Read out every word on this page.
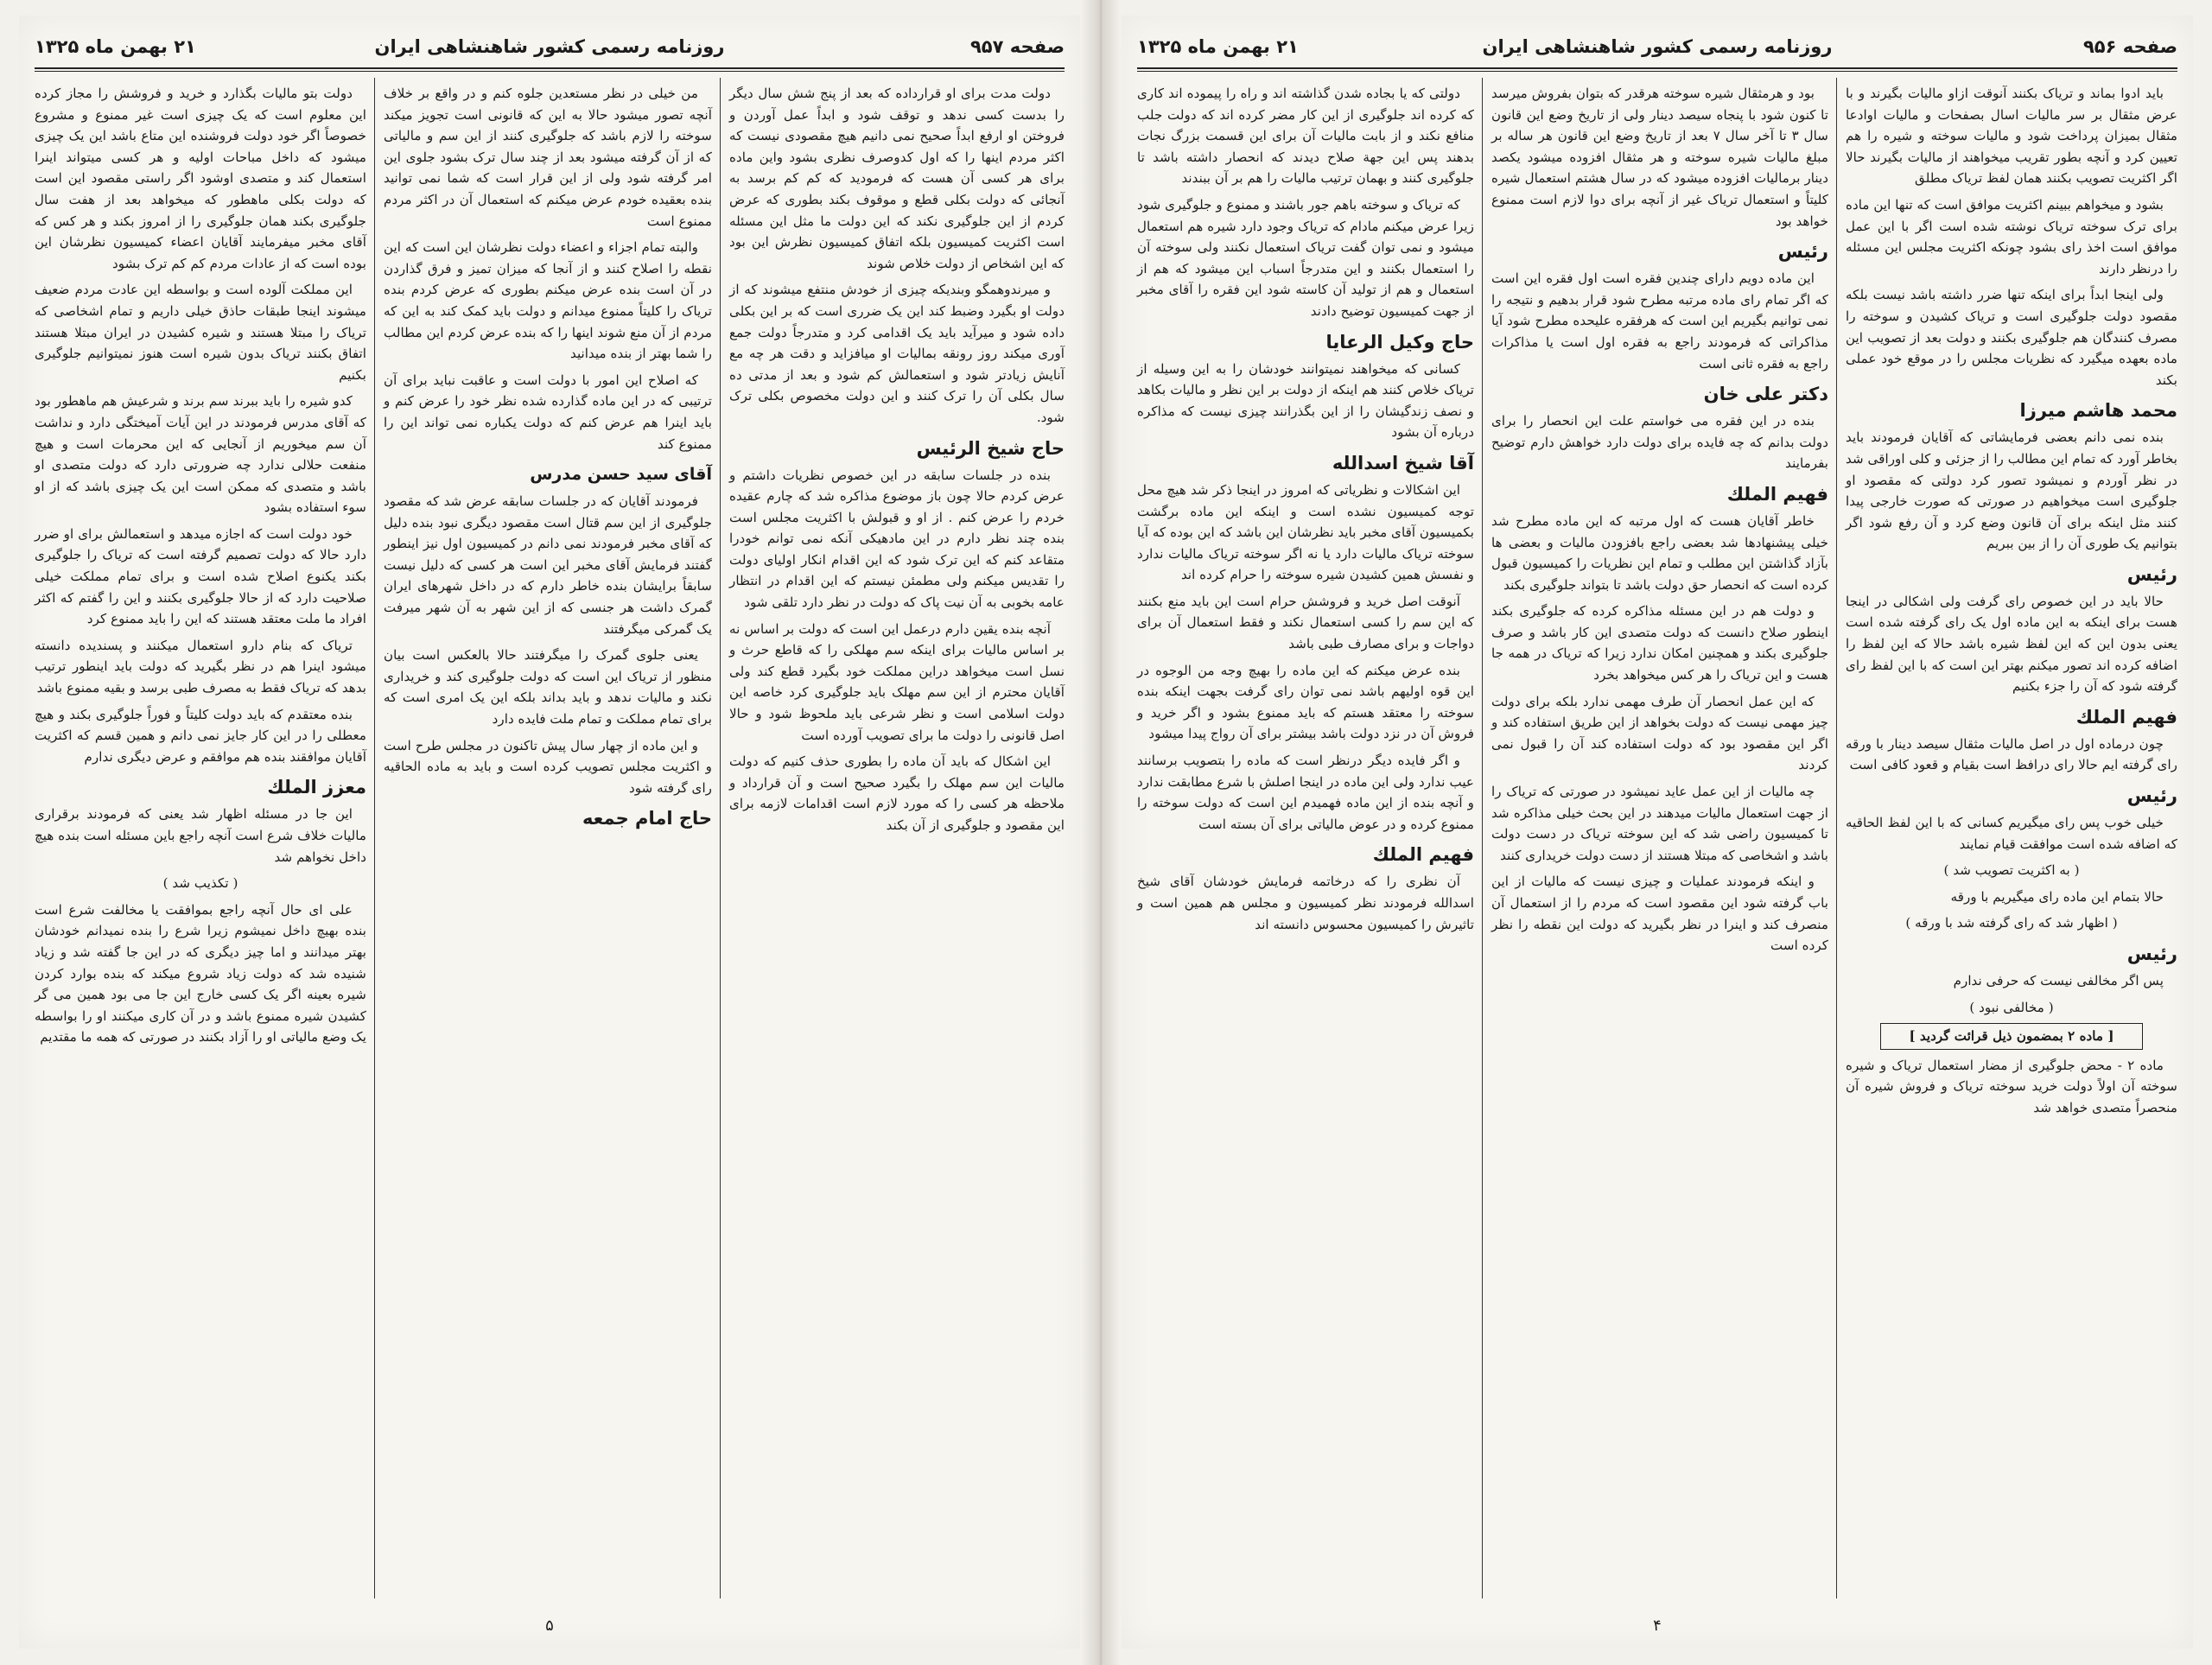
صفحه ۹۵۷
روزنامه رسمی کشور شاهنشاهی ایران
۲۱ بهمن ماه ۱۳۲۵

دولت مدت برای او قرارداده که بعد از پنج شش سال دیگر را بدست کسی ندهد و توقف شود و ابداً عمل آوردن و فروختن او ارفع ابداً صحیح نمی دانیم هیچ مقصودی نیست که اکثر مردم اینها را که اول کدوصرف نظری بشود واین ماده برای هر کسی آن هست که فرمودید که کم کم برسد به آنجائی که دولت بکلی قطع و موقوف بکند بطوری که عرض کردم از این جلوگیری نکند که این دولت ما مثل این مسئله است اکثریت کمیسیون بلکه اتفاق کمیسیون نظرش این بود که این اشخاص از دولت خلاص شوند

و میرندوهمگو وبندیکه چیزی از خودش منتفع میشوند که از دولت او بگیرد وضبط کند این یک ضرری است که بر این بکلی داده شود و میرآید باید یک اقدامی کرد و متدرجاً دولت جمع آوری میکند روز رونقه بمالیات او میافزاید و دقت هر چه مع آنایش زیادتر شود و استعمالش کم شود و بعد از مدتی ده سال بکلی آن را ترک کنند و این دولت مخصوص بکلی ترک شود.

حاج شیخ الرئیس

بنده در جلسات سابقه در این خصوص نظریات داشتم و عرض کردم حالا چون باز موضوع مذاکره شد که چارم عقیده خردم را عرض کنم . از او و قبولش با اکثریت مجلس است بنده چند نظر دارم در این مادهیکی آنکه نمی توانم خودرا متقاعد کنم که این ترک شود که این اقدام انکار اولیای دولت را تقدیس میکنم ولی مطمئن نیستم که این اقدام در انتظار عامه بخوبی به آن نیت پاک که دولت در نظر دارد تلقی شود

آنچه بنده یقین دارم درعمل این است که دولت بر اساس نه بر اساس مالیات برای اینکه سم مهلکی را که قاطع حرث و نسل است میخواهد دراین مملکت خود بگیرد قطع کند ولی آقایان محترم از این سم مهلک باید جلوگیری کرد خاصه این دولت اسلامی است و نظر شرعی باید ملحوظ شود و حالا اصل قانونی را دولت ما برای تصویب آورده است

این اشکال که باید آن ماده را بطوری حذف کنیم که دولت مالیات این سم مهلک را بگیرد صحیح است و آن قرارداد و ملاحظه هر کسی را که مورد لازم است اقدامات لازمه برای این مقصود و جلوگیری از آن بکند

من خیلی در نظر مستعدین جلوه کنم و در واقع بر خلاف آنچه تصور میشود حالا به این که قانونی است تجویز میکند سوخته را لازم باشد که جلوگیری کنند از این سم و مالیاتی که از آن گرفته میشود بعد از چند سال ترک بشود جلوی این امر گرفته شود ولی از این قرار است که شما نمی توانید بنده بعقیده خودم عرض میکنم که استعمال آن در اکثر مردم ممنوع است

والبته تمام اجزاء و اعضاء دولت نظرشان این است که این نقطه را اصلاح کنند و از آنجا که میزان تمیز و فرق گذاردن در آن است بنده عرض میکنم بطوری که عرض کردم بنده تریاک را کلیتاً ممنوع میدانم و دولت باید کمک کند به این که مردم از آن منع شوند اینها را که بنده عرض کردم این مطالب را شما بهتر از بنده میدانید

که اصلاح این امور با دولت است و عاقبت نباید برای آن ترتیبی که در این ماده گذارده شده نظر خود را عرض کنم و باید اینرا هم عرض کنم که دولت یکباره نمی تواند این را ممنوع کند

آقای سید حسن مدرس

فرمودند آقایان که در جلسات سابقه عرض شد که مقصود جلوگیری از این سم قتال است مقصود دیگری نبود بنده دلیل که آقای مخبر فرمودند نمی دانم در کمیسیون اول نیز اینطور گفتند فرمایش آقای مخبر این است هر کسی که دلیل نیست سابقاً برایشان بنده خاطر دارم که در داخل شهرهای ایران گمرک داشت هر جنسی که از این شهر به آن شهر میرفت یک گمرکی میگرفتند

یعنی جلوی گمرک را میگرفتند حالا بالعکس است بیان منظور از تریاک این است که دولت جلوگیری کند و خریداری نکند و مالیات ندهد و باید بداند بلکه این یک امری است که برای تمام مملکت و تمام ملت فایده دارد

و این ماده از چهار سال پیش تاکنون در مجلس طرح است و اکثریت مجلس تصویب کرده است و باید به ماده الحاقیه رای گرفته شود

حاج امام جمعه

دولت بتو مالیات بگذارد و خرید و فروشش را مجاز کرده این معلوم است که یک چیزی است غیر ممنوع و مشروع خصوصاً اگر خود دولت فروشنده این متاع باشد این یک چیزی میشود که داخل مباحات اولیه و هر کسی میتواند اینرا استعمال کند و متصدی اوشود اگر راستی مقصود این است که دولت بکلی ماهطور که میخواهد بعد از هفت سال جلوگیری بکند همان جلوگیری را از امروز بکند و هر کس که آقای مخبر میفرمایند آقایان اعضاء کمیسیون نظرشان این بوده است که از عادات مردم کم کم ترک بشود

این مملکت آلوده است و بواسطه این عادت مردم ضعیف میشوند اینجا طبقات حاذق خیلی داریم و تمام اشخاصی که تریاک را مبتلا هستند و شیره کشیدن در ایران مبتلا هستند اتفاق بکنند تریاک بدون شیره است هنوز نمیتوانیم جلوگیری بکنیم

کدو شیره را باید ببرند سم برند و شرعیش هم ماهطور بود که آقای مدرس فرمودند در این آیات آمیختگی دارد و نداشت آن سم میخوریم از آنجایی که این محرمات است و هیچ منفعت حلالی ندارد چه ضرورتی دارد که دولت متصدی او باشد و متصدی که ممکن است این یک چیزی باشد که از او سوء استفاده بشود

خود دولت است که اجازه میدهد و استعمالش برای او ضرر دارد حالا که دولت تصمیم گرفته است که تریاک را جلوگیری بکند یکنوع اصلاح شده است و برای تمام مملکت خیلی صلاحیت دارد که از حالا جلوگیری بکنند و این را گفتم که اکثر افراد ما ملت معتقد هستند که این را باید ممنوع کرد

تریاک که بنام دارو استعمال میکنند و پسندیده دانسته میشود اینرا هم در نظر بگیرید که دولت باید اینطور ترتیب بدهد که تریاک فقط به مصرف طبی برسد و بقیه ممنوع باشد

بنده معتقدم که باید دولت کلیتاً و فوراً جلوگیری بکند و هیچ معطلی را در این کار جایز نمی دانم و همین قسم که اکثریت آقایان موافقند بنده هم موافقم و عرض دیگری ندارم

معزز الملك

این جا در مسئله اظهار شد یعنی که فرمودند برقراری مالیات خلاف شرع است آنچه راجع باین مسئله است بنده هیچ داخل نخواهم شد

( تکذیب شد )

علی ای حال آنچه راجع بموافقت یا مخالفت شرع است بنده بهیچ داخل نمیشوم زیرا شرع را بنده نمیدانم خودشان بهتر میدانند و اما چیز دیگری که در این جا گفته شد و زیاد شنیده شد که دولت زیاد شروع میکند که بنده بوارد کردن شیره بعینه اگر یک کسی خارج این جا می بود همین می گر کشیدن شیره ممنوع باشد و در آن کاری میکنند او را بواسطه یک وضع مالیاتی او را آزاد بکنند در صورتی که همه ما مقتدیم

۵
صفحه ۹۵۶
روزنامه رسمی کشور شاهنشاهی ایران
۲۱ بهمن ماه ۱۳۲۵

باید ادوا بماند و تریاک بکنند آنوقت ازاو مالیات بگیرند و با عرض مثقال بر سر مالیات اسال بصفحات و مالیات اوادعا مثقال بمیزان پرداخت شود و مالیات سوخته و شیره را هم تعیین کرد و آنچه بطور تقریب میخواهند از مالیات بگیرند حالا اگر اکثریت تصویب بکنند همان لفظ تریاک مطلق

بشود و میخواهم ببینم اکثریت موافق است که تنها این ماده برای ترک سوخته تریاک نوشته شده است اگر با این عمل موافق است اخذ رای بشود چونکه اکثریت مجلس این مسئله را درنظر دارند

ولی اینجا ابداً برای اینکه تنها ضرر داشته باشد نیست بلکه مقصود دولت جلوگیری است و تریاک کشیدن و سوخته را مصرف کنندگان هم جلوگیری بکنند و دولت بعد از تصویب این ماده بعهده میگیرد که نظریات مجلس را در موقع خود عملی بکند

محمد هاشم میرزا

بنده نمی دانم بعضی فرمایشاتی که آقایان فرمودند باید بخاطر آورد که تمام این مطالب را از جزئی و کلی اوراقی شد در نظر آوردم و نمیشود تصور کرد دولتی که مقصود او جلوگیری است میخواهیم در صورتی که صورت خارجی پیدا کنند مثل اینکه برای آن قانون وضع کرد و آن رفع شود اگر بتوانیم یک طوری آن را از بین ببریم

رئیس

حالا باید در این خصوص رای گرفت ولی اشکالی در اینجا هست برای اینکه به این ماده اول یک رای گرفته شده است یعنی بدون این که این لفظ شیره باشد حالا که این لفظ را اضافه کرده اند تصور میکنم بهتر این است که با این لفظ رای گرفته شود که آن را جزء بکنیم

فهیم الملك

چون درماده اول در اصل مالیات مثقال سیصد دینار با ورقه رای گرفته ایم حالا رای درافظ است بقیام و قعود کافی است

رئیس

خیلی خوب پس رای میگیریم کسانی که با این لفظ الحاقیه که اضافه شده است موافقت قیام نمایند

( به اکثریت تصویب شد )

حالا بتمام این ماده رای میگیریم با ورقه

( اظهار شد که رای گرفته شد با ورقه )
رئیس

پس اگر مخالفی نیست که حرفی ندارم

( مخالفی نبود )
[ ماده ۲ بمضمون ذیل قرائت گردید ]

ماده ۲ - محض جلوگیری از مضار استعمال تریاک و شیره سوخته آن اولاً دولت خرید سوخته تریاک و فروش شیره آن منحصراً متصدی خواهد شد

بود و هرمثقال شیره سوخته هرقدر که بتوان بفروش میرسد تا کنون شود با پنجاه سیصد دینار ولی از تاریخ وضع این قانون سال ۳ تا آخر سال ۷ بعد از تاریخ وضع این قانون هر ساله بر مبلغ مالیات شیره سوخته و هر مثقال افزوده میشود یکصد دینار برمالیات افزوده میشود که در سال هشتم استعمال شیره کلیتاً و استعمال تریاک غیر از آنچه برای دوا لازم است ممنوع خواهد بود

رئیس

این ماده دویم دارای چندین فقره است اول فقره این است که اگر تمام رای ماده مرتبه مطرح شود قرار بدهیم و نتیجه را نمی توانیم بگیریم این است که هرفقره علیحده مطرح شود آیا مذاکراتی که فرمودند راجع به فقره اول است یا مذاکرات راجع به فقره ثانی است

دکتر علی خان

بنده در این فقره می خواستم علت این انحصار را برای دولت بدانم که چه فایده برای دولت دارد خواهش دارم توضیح بفرمایند

فهیم الملك

خاطر آقایان هست که اول مرتبه که این ماده مطرح شد خیلی پیشنهادها شد بعضی راجع بافزودن مالیات و بعضی ها بآزاد گذاشتن این مطلب و تمام این نظریات را کمیسیون قبول کرده است که انحصار حق دولت باشد تا بتواند جلوگیری بکند

و دولت هم در این مسئله مذاکره کرده که جلوگیری بکند اینطور صلاح دانست که دولت متصدی این کار باشد و صرف جلوگیری بکند و همچنین امکان ندارد زیرا که تریاک در همه جا هست و این تریاک را هر کس میخواهد بخرد

که این عمل انحصار آن طرف مهمی ندارد بلکه برای دولت چیز مهمی نیست که دولت بخواهد از این طریق استفاده کند و اگر این مقصود بود که دولت استفاده کند آن را قبول نمی کردند

چه مالیات از این عمل عاید نمیشود در صورتی که تریاک را از جهت استعمال مالیات میدهند در این بحث خیلی مذاکره شد تا کمیسیون راضی شد که این سوخته تریاک در دست دولت باشد و اشخاصی که مبتلا هستند از دست دولت خریداری کنند

و اینکه فرمودند عملیات و چیزی نیست که مالیات از این باب گرفته شود این مقصود است که مردم را از استعمال آن منصرف کند و اینرا در نظر بگیرید که دولت این نقطه را نظر کرده است

دولتی که یا بجاده شدن گذاشته اند و راه را پیموده اند کاری که کرده اند جلوگیری از این کار مضر کرده اند که دولت جلب منافع نکند و از بابت مالیات آن برای این قسمت بزرگ نجات بدهند پس این جهة صلاح دیدند که انحصار داشته باشد تا جلوگیری کنند و بهمان ترتیب مالیات را هم بر آن ببندند

که تریاک و سوخته باهم جور باشند و ممنوع و جلوگیری شود زیرا عرض میکنم مادام که تریاک وجود دارد شیره هم استعمال میشود و نمی توان گفت تریاک استعمال نکنند ولی سوخته آن را استعمال بکنند و این متدرجاً اسباب این میشود که هم از استعمال و هم از تولید آن کاسته شود این فقره را آقای مخبر از جهت کمیسیون توضیح دادند

حاج وکیل الرعایا

کسانی که میخواهند نمیتوانند خودشان را به این وسیله از تریاک خلاص کنند هم اینکه از دولت بر این نظر و مالیات بکاهد و نصف زندگیشان را از این بگذرانند چیزی نیست که مذاکره درباره آن بشود

آقا شیخ اسدالله

این اشکالات و نظریاتی که امروز در اینجا ذکر شد هیچ محل توجه کمیسیون نشده است و اینکه این ماده برگشت بکمیسیون آقای مخبر باید نظرشان این باشد که این بوده که آیا سوخته تریاک مالیات دارد یا نه اگر سوخته تریاک مالیات ندارد و نفسش همین کشیدن شیره سوخته را حرام کرده اند

آنوقت اصل خرید و فروشش حرام است این باید منع بکنند که این سم را کسی استعمال نکند و فقط استعمال آن برای دواجات و برای مصارف طبی باشد

بنده عرض میکنم که این ماده را بهیچ وجه من الوجوه در این قوه اولیهم باشد نمی توان رای گرفت بجهت اینکه بنده سوخته را معتقد هستم که باید ممنوع بشود و اگر خرید و فروش آن در نزد دولت باشد بیشتر برای آن رواج پیدا میشود

و اگر فایده دیگر درنظر است که ماده را بتصویب برسانند عیب ندارد ولی این ماده در اینجا اصلش با شرع مطابقت ندارد و آنچه بنده از این ماده فهمیدم این است که دولت سوخته را ممنوع کرده و در عوض مالیاتی برای آن بسته است

فهیم الملك

آن نظری را که درخاتمه فرمایش خودشان آقای شیخ اسدالله فرمودند نظر کمیسیون و مجلس هم همین است و تاثیرش را کمیسیون محسوس دانسته اند

۴
